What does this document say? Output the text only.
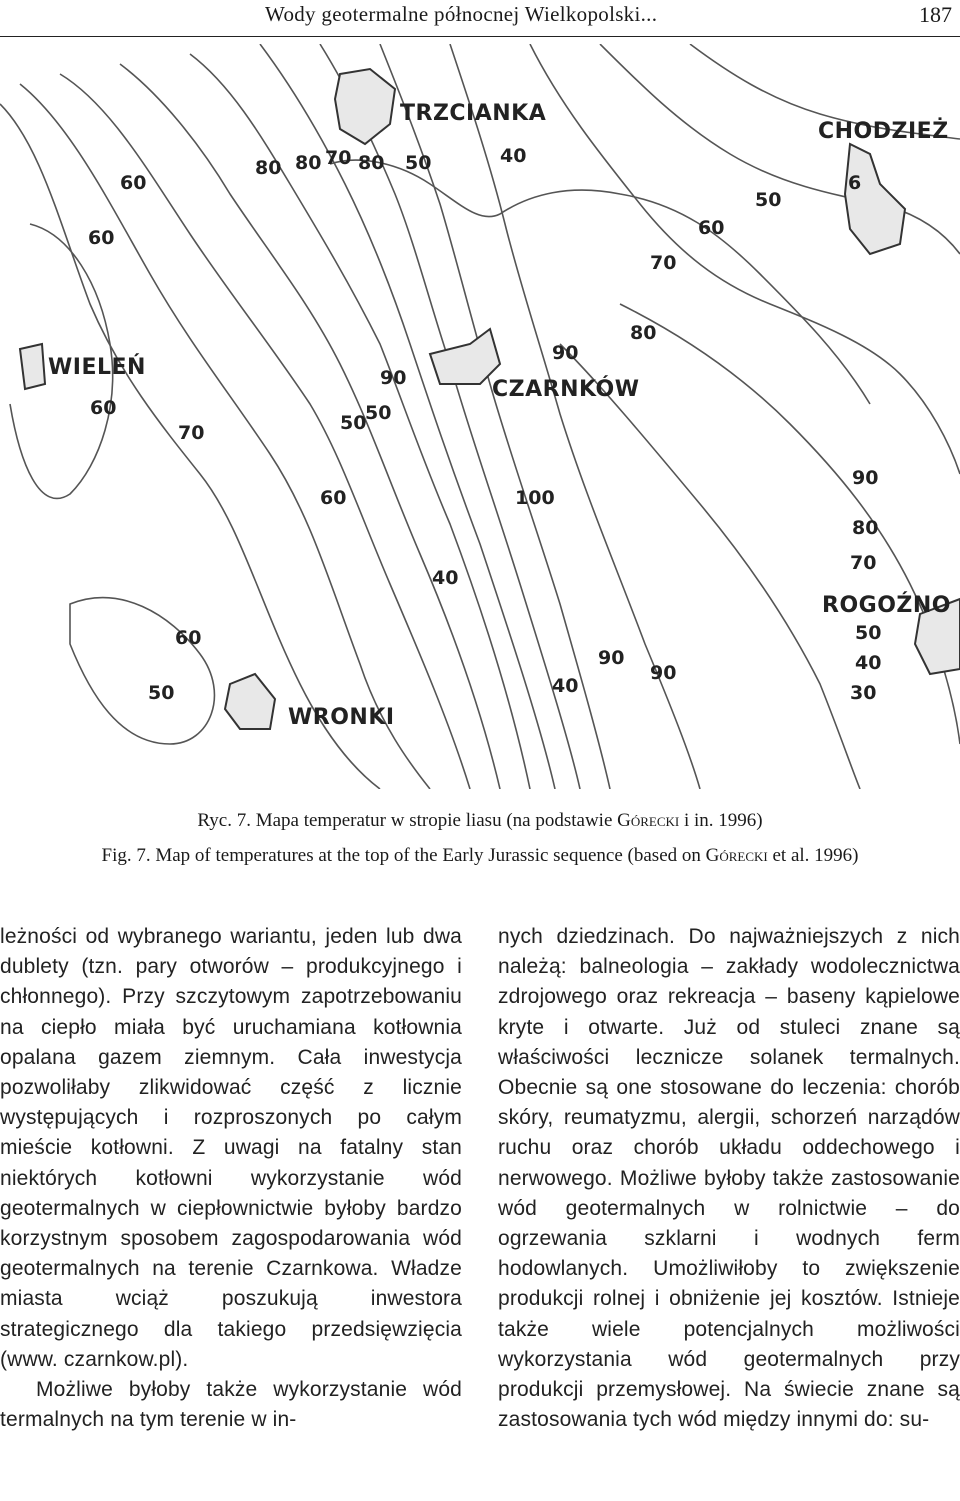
Wody geotermalne północnej Wielkopolski...	187
TRZCIANKA
CHODZIEŻ
WIELEŃ
CZARNKÓW
ROGOŹNO
WRONKI
80 80 70 80 50	40
60
60
50
60
70
80
90
6
90
50
50
60
70
60	100
40
90
80
70
50
40
30
90
90
40
60
50
Ryc. 7. Mapa temperatur w stropie liasu (na podstawie Górecki i in. 1996)
Fig. 7. Map of temperatures at the top of the Early Jurassic sequence (based on Górecki et al. 1996)

leżności od wybranego wariantu, jeden lub dwa dublety (tzn. pary otworów – produkcyjnego i chłonnego). Przy szczytowym zapotrzebowaniu na ciepło miała być uruchamiana kotłownia opalana gazem ziemnym. Cała inwestycja pozwoliłaby zlikwidować część z licznie występujących i rozproszonych po całym mieście kotłowni. Z uwagi na fatalny stan niektórych kotłowni wykorzystanie wód geotermalnych w ciepłownictwie byłoby bardzo korzystnym sposobem zagospodarowania wód geotermalnych na terenie Czarnkowa. Władze miasta wciąż poszukują inwestora strategicznego dla takiego przedsięwzięcia (www. czarnkow.pl).

Możliwe byłoby także wykorzystanie wód termalnych na tym terenie w in-

nych dziedzinach. Do najważniejszych z nich należą: balneologia – zakłady wodolecznictwa zdrojowego oraz rekreacja – baseny kąpielowe kryte i otwarte. Już od stuleci znane są właściwości lecznicze solanek termalnych. Obecnie są one stosowane do leczenia: chorób skóry, reumatyzmu, alergii, schorzeń narządów ruchu oraz chorób układu oddechowego i nerwowego. Możliwe byłoby także zastosowanie wód geotermalnych w rolnictwie – do ogrzewania szklarni i wodnych ferm hodowlanych. Umożliwiłoby to zwiększenie produkcji rolnej i obniżenie jej kosztów. Istnieje także wiele potencjalnych możliwości wykorzystania wód geotermalnych przy produkcji przemysłowej. Na świecie znane są zastosowania tych wód między innymi do: su-
